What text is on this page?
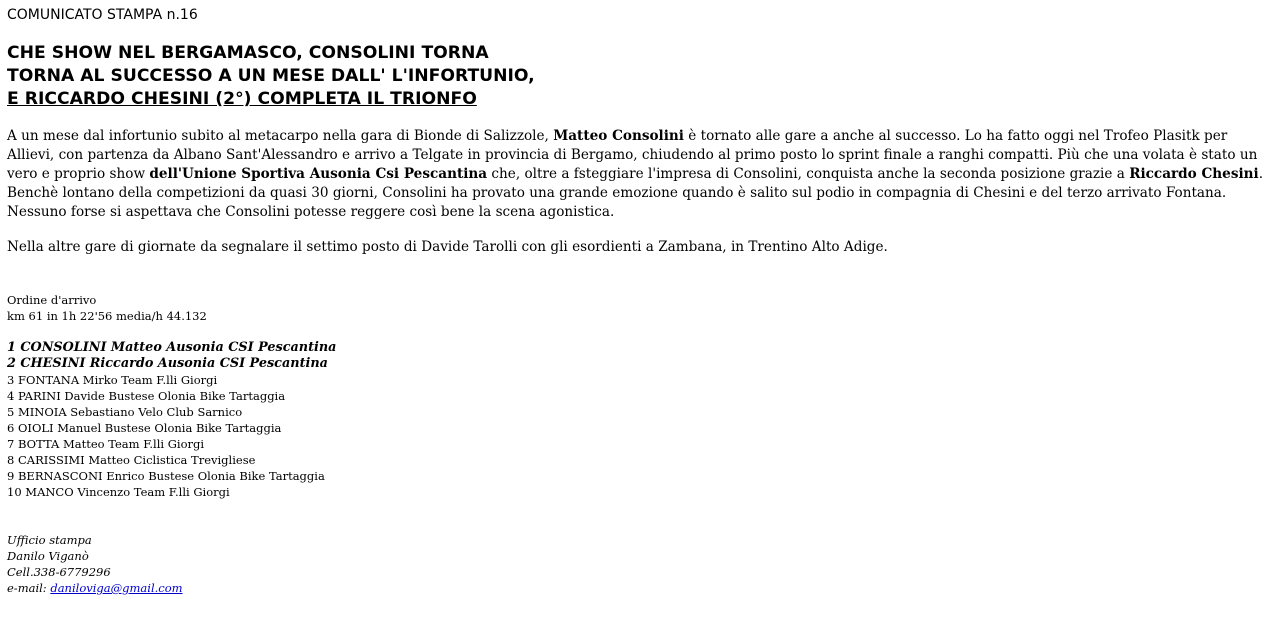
COMUNICATO STAMPA n.16
CHE SHOW NEL BERGAMASCO, CONSOLINI TORNA
TORNA AL SUCCESSO A UN MESE DALL' L'INFORTUNIO,
E RICCARDO CHESINI (2°) COMPLETA IL TRIONFO

A un mese dal infortunio subito al metacarpo nella gara di Bionde di Salizzole, Matteo Consolini è tornato alle gare a anche al successo. Lo ha fatto oggi nel Trofeo Plasitk per Allievi, con partenza da Albano Sant'Alessandro e arrivo a Telgate in provincia di Bergamo, chiudendo al primo posto lo sprint finale a ranghi compatti. Più che una volata è stato un vero e proprio show dell'Unione Sportiva Ausonia Csi Pescantina che, oltre a fsteggiare l'impresa di Consolini, conquista anche la seconda posizione grazie a Riccardo Chesini. Benchè lontano della competizioni da quasi 30 giorni, Consolini ha provato una grande emozione quando è salito sul podio in compagnia di Chesini e del terzo arrivato Fontana. Nessuno forse si aspettava che Consolini potesse reggere così bene la scena agonistica.

Nella altre gare di giornate da segnalare il settimo posto di Davide Tarolli con gli esordienti a Zambana, in Trentino Alto Adige.

Ordine d'arrivo
km 61 in 1h 22'56 media/h 44.132
1 CONSOLINI Matteo Ausonia CSI Pescantina
2 CHESINI Riccardo Ausonia CSI Pescantina
3 FONTANA Mirko Team F.lli Giorgi
4 PARINI Davide Bustese Olonia Bike Tartaggia
5 MINOIA Sebastiano Velo Club Sarnico
6 OIOLI Manuel Bustese Olonia Bike Tartaggia
7 BOTTA Matteo Team F.lli Giorgi
8 CARISSIMI Matteo Ciclistica Trevigliese
9 BERNASCONI Enrico Bustese Olonia Bike Tartaggia
10 MANCO Vincenzo Team F.lli Giorgi
Ufficio stampa
Danilo Viganò
Cell.338-6779296
e-mail: daniloviga@gmail.com
